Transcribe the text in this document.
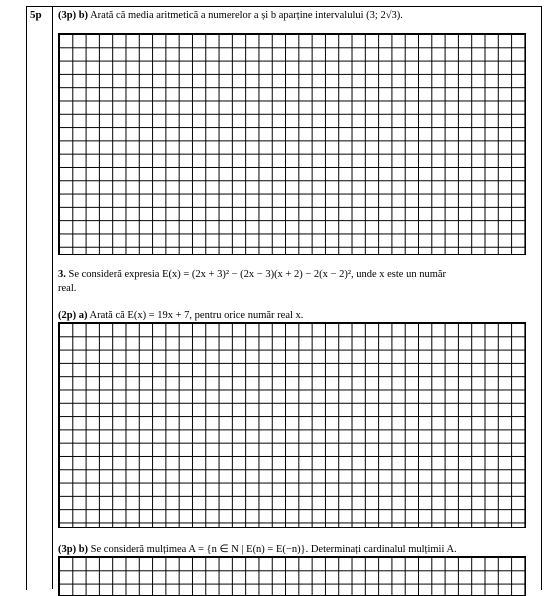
5p (3p) b) Arată că media aritmetică a numerelor a și b aparține intervalului (3; 2√3).
3. Se consideră expresia E(x) = (2x + 3)² − (2x − 3)(x + 2) − 2(x − 2)², unde x este un număr
real.
(2p) a) Arată că E(x) = 19x + 7, pentru orice număr real x.
(3p) b) Se consideră mulțimea A = {n ∈ N | E(n) = E(−n)}. Determinați cardinalul mulțimii A.
